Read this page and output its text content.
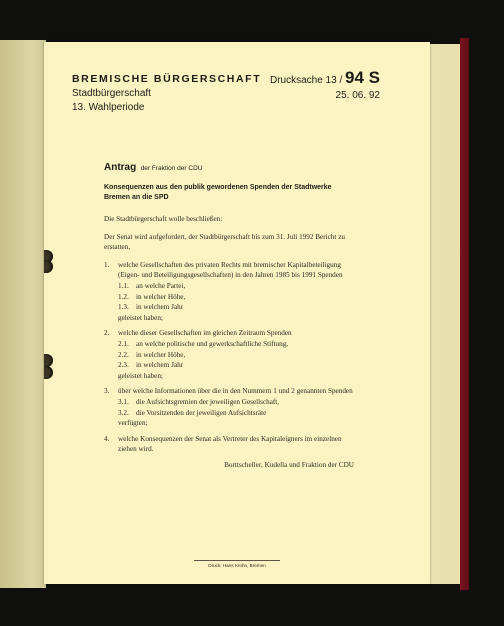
BREMISCHE BÜRGERSCHAFT
Stadtbürgerschaft
13. Wahlperiode
Drucksache 13 / 94 S
25. 06. 92
Antrag der Fraktion der CDU
Konsequenzen aus den publik gewordenen Spenden der Stadtwerke Bremen an die SPD

Die Stadtbürgerschaft wolle beschließen:

Der Senat wird aufgefordert, der Stadtbürgerschaft bis zum 31. Juli 1992 Bericht zu erstatten,

1. welche Gesellschaften des privaten Rechts mit bremischer Kapitalbeteiligung (Eigen- und Beteiligungsgesellschaften) in den Jahren 1985 bis 1991 Spenden
1.1. an welche Partei,
1.2. in welcher Höhe,
1.3. in welchem Jahr
geleistet haben;
2. welche dieser Gesellschaften im gleichen Zeitraum Spenden
2.1. an welche politische und gewerkschaftliche Stiftung,
2.2. in welcher Höhe,
2.3. in welchem Jahr
geleistet haben;
3. über welche Informationen über die in den Nummern 1 und 2 genannten Spenden
3.1. die Aufsichtsgremien der jeweiligen Gesellschaft,
3.2. die Vorsitzenden der jeweiligen Aufsichtsräte
verfügten;
4. welche Konsequenzen der Senat als Vertreter des Kapitaleigners im einzelnen ziehen wird.
Borttscheller, Kudella und Fraktion der CDU
Druck: Hans Krohn, Bremen
